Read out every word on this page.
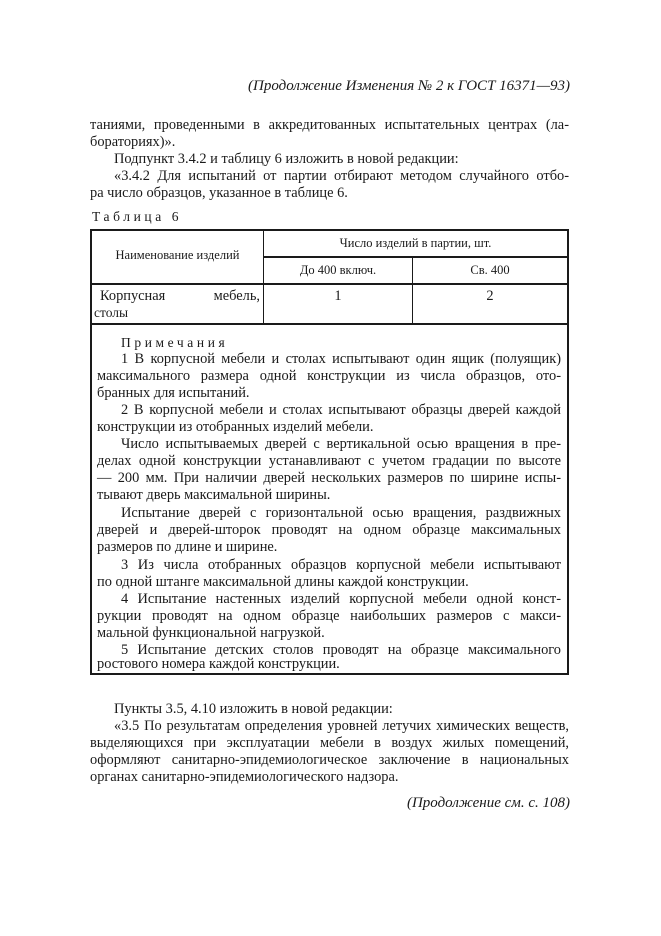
(Продолжение Изменения № 2 к ГОСТ 16371—93)
таниями, проведенными в аккредитованных испытательных центрах (ла-
бораториях)».
Подпункт 3.4.2 и таблицу 6 изложить в новой редакции:
«3.4.2 Для испытаний от партии отбирают методом случайного отбо-
ра число образцов, указанное в таблице 6.
Таблица 6
Наименование изделий
Число изделий в партии, шт.
До 400 включ.	Св. 400
Корпусная мебель,
столы
1	2
Примечания
1 В корпусной мебели и столах испытывают один ящик (полуящик)
максимального размера одной конструкции из числа образцов, ото-
бранных для испытаний.
2 В корпусной мебели и столах испытывают образцы дверей каждой
конструкции из отобранных изделий мебели.
Число испытываемых дверей с вертикальной осью вращения в пре-
делах одной конструкции устанавливают с учетом градации по высоте
— 200 мм. При наличии дверей нескольких размеров по ширине испы-
тывают дверь максимальной ширины.
Испытание дверей с горизонтальной осью вращения, раздвижных
дверей и дверей-шторок проводят на одном образце максимальных
размеров по длине и ширине.
3 Из числа отобранных образцов корпусной мебели испытывают
по одной штанге максимальной длины каждой конструкции.
4 Испытание настенных изделий корпусной мебели одной конст-
рукции проводят на одном образце наибольших размеров с макси-
мальной функциональной нагрузкой.
5 Испытание детских столов проводят на образце максимального
ростового номера каждой конструкции.
Пункты 3.5, 4.10 изложить в новой редакции:
«3.5 По результатам определения уровней летучих химических веществ,
выделяющихся при эксплуатации мебели в воздух жилых помещений,
оформляют санитарно-эпидемиологическое заключение в национальных
органах санитарно-эпидемиологического надзора.
(Продолжение см. с. 108)
